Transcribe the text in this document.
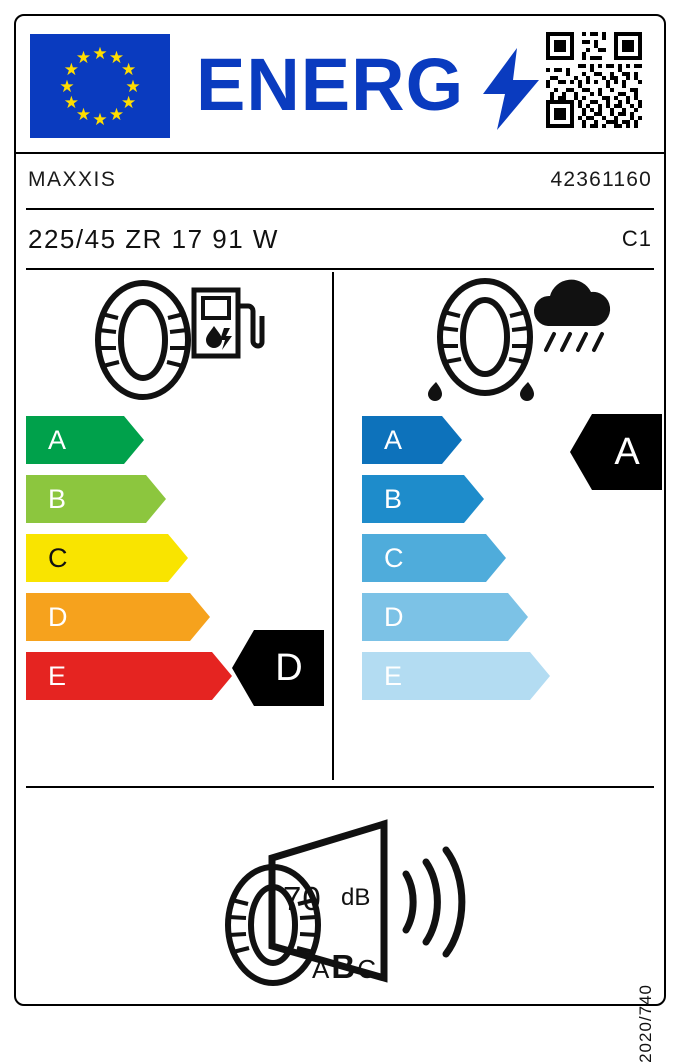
★ ★
★
★
★
★
★
★
★
★
★
★ ENERG
MAXXIS	42361160
225/45 ZR 17 91 W	C1
A
B
C
D
E
A
B
C
D
E
D
A
70 dB
ABC
2020/740
